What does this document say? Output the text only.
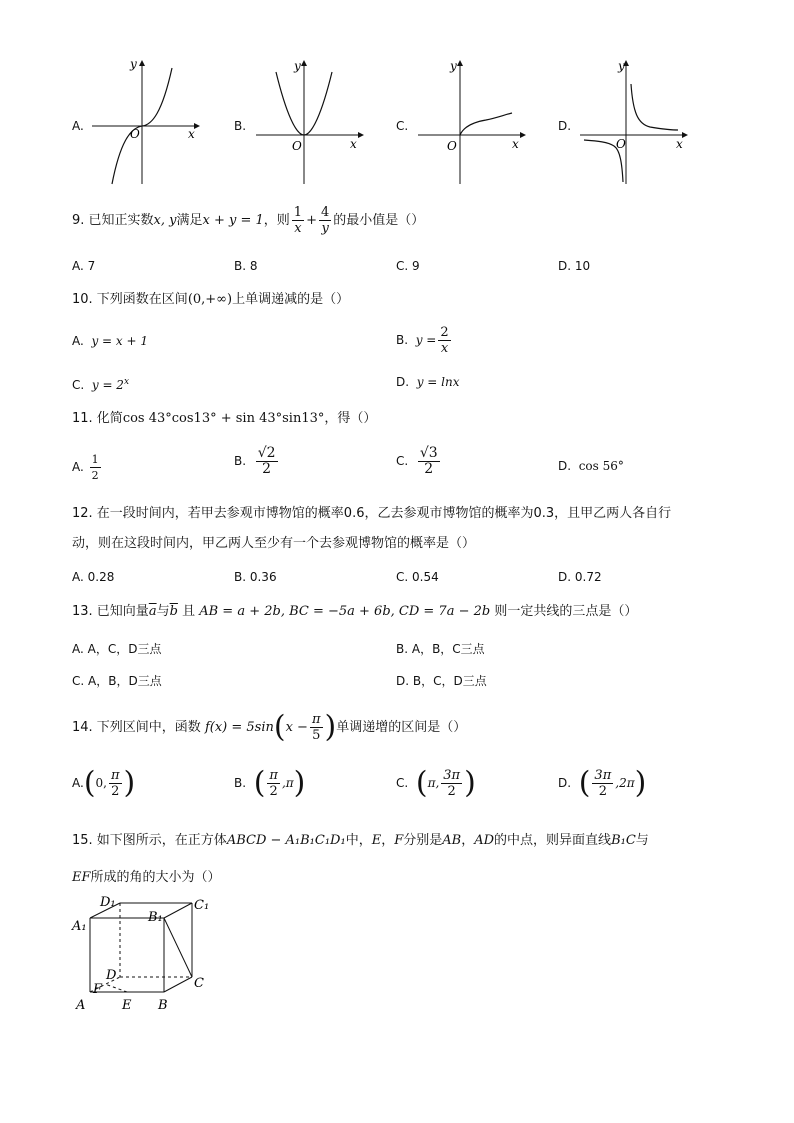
A.
y
x
O
B.
y
x
O
C.
y
x
O
D.
y
x
O
9. 已知正实数x, y满足x + y = 1，则 $\frac{1}{x} + \frac{4}{y}$ 的最小值是（）
A. 7	B. 8	C. 9	D. 10
10. 下列函数在区间(0,+∞)上单调递减的是（）
A. y = x + 1	B. $y = \frac{2}{x}$
C. $y = 2^x$	D. y = lnx
11. 化简cos 43°cos13° + sin 43°sin13°，得（）
A. $\frac{1}{2}$	B. $\frac{√2}{2}$	C. $\frac{√3}{2}$	D. cos 56°
12. 在一段时间内，若甲去参观市博物馆的概率0.6，乙去参观市博物馆的概率为0.3，且甲乙两人各自行
动，则在这段时间内，甲乙两人至少有一个去参观博物馆的概率是（）
A. 0.28	B. 0.36	C. 0.54	D. 0.72
13. 已知向量$\overline{a}$与$\overline{b}$ 且 AB = a + 2b, BC = −5a + 6b, CD = 7a − 2b 则一定共线的三点是（）
A. A，C，D三点	B. A，B，C三点
C. A，B，D三点	D. B，C，D三点
14. 下列区间中，函数 $f(x) = 5\sin(x - \frac{\pi}{5}$ )单调递增的区间是（）
A.(0, $\frac{\pi}{2}$ )	B. ( $\frac{\pi}{2} ,\pi$)	C. (π, $\frac{3\pi}{2}$ )	D. ( $\frac{3\pi}{2} ,2\pi$)
15. 如下图所示，在正方体ABCD − A₁B₁C₁D₁中，E，F分别是AB，AD的中点，则异面直线B₁C与
EF所成的角的大小为（）
A	E B
C
D
F
A₁
B₁
C₁
D₁
